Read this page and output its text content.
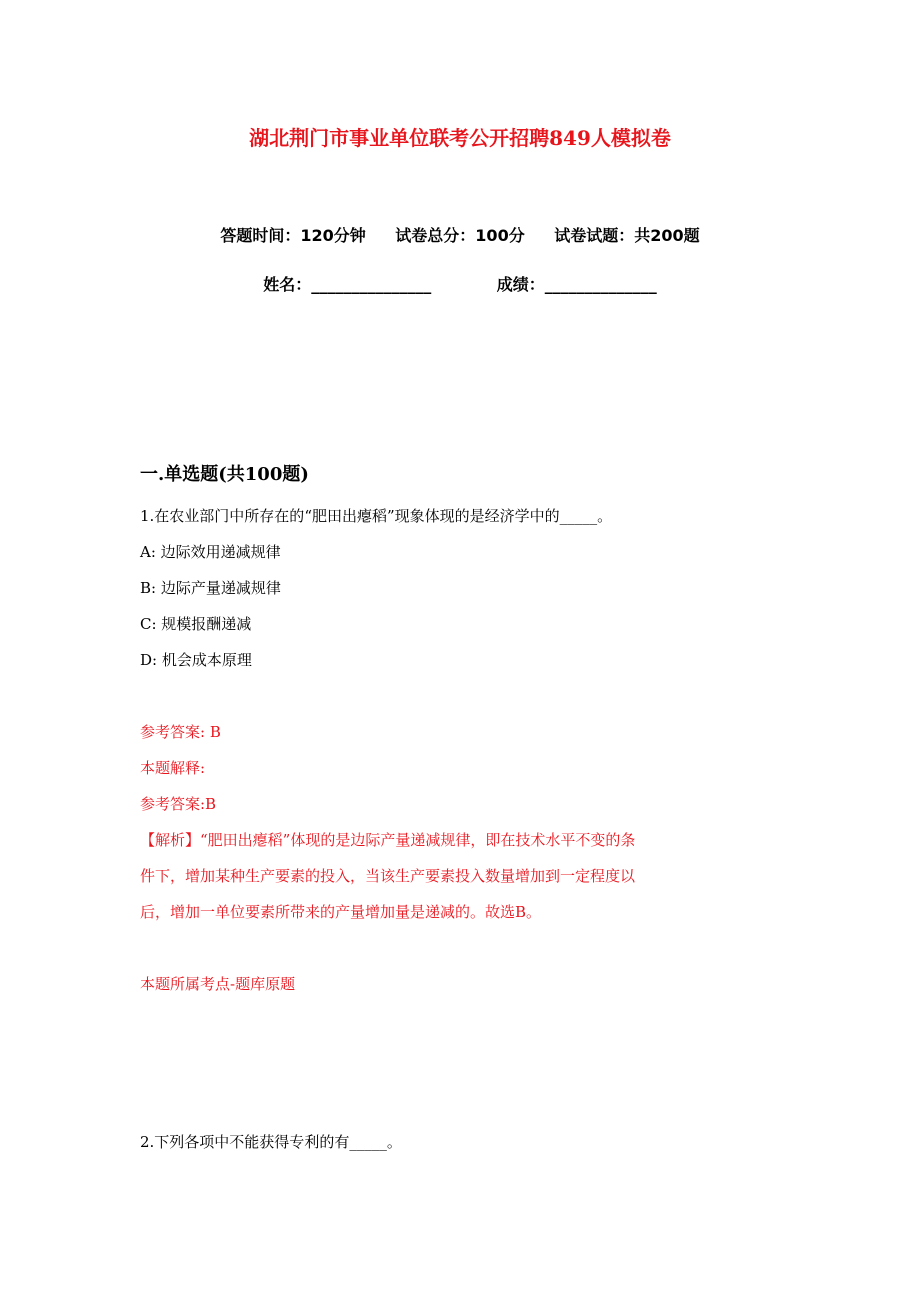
湖北荆门市事业单位联考公开招聘849人模拟卷
答题时间：120分钟 试卷总分：100分 试卷试题：共200题
姓名：_______________	成绩：______________
一.单选题(共100题)
1.在农业部门中所存在的“肥田出瘪稻”现象体现的是经济学中的_____。
A: 边际效用递减规律
B: 边际产量递减规律
C: 规模报酬递减
D: 机会成本原理
参考答案: B
本题解释:
参考答案:B
【解析】“肥田出瘪稻”体现的是边际产量递减规律，即在技术水平不变的条
件下，增加某种生产要素的投入，当该生产要素投入数量增加到一定程度以
后，增加一单位要素所带来的产量增加量是递减的。故选B。
本题所属考点-题库原题
2.下列各项中不能获得专利的有_____。
